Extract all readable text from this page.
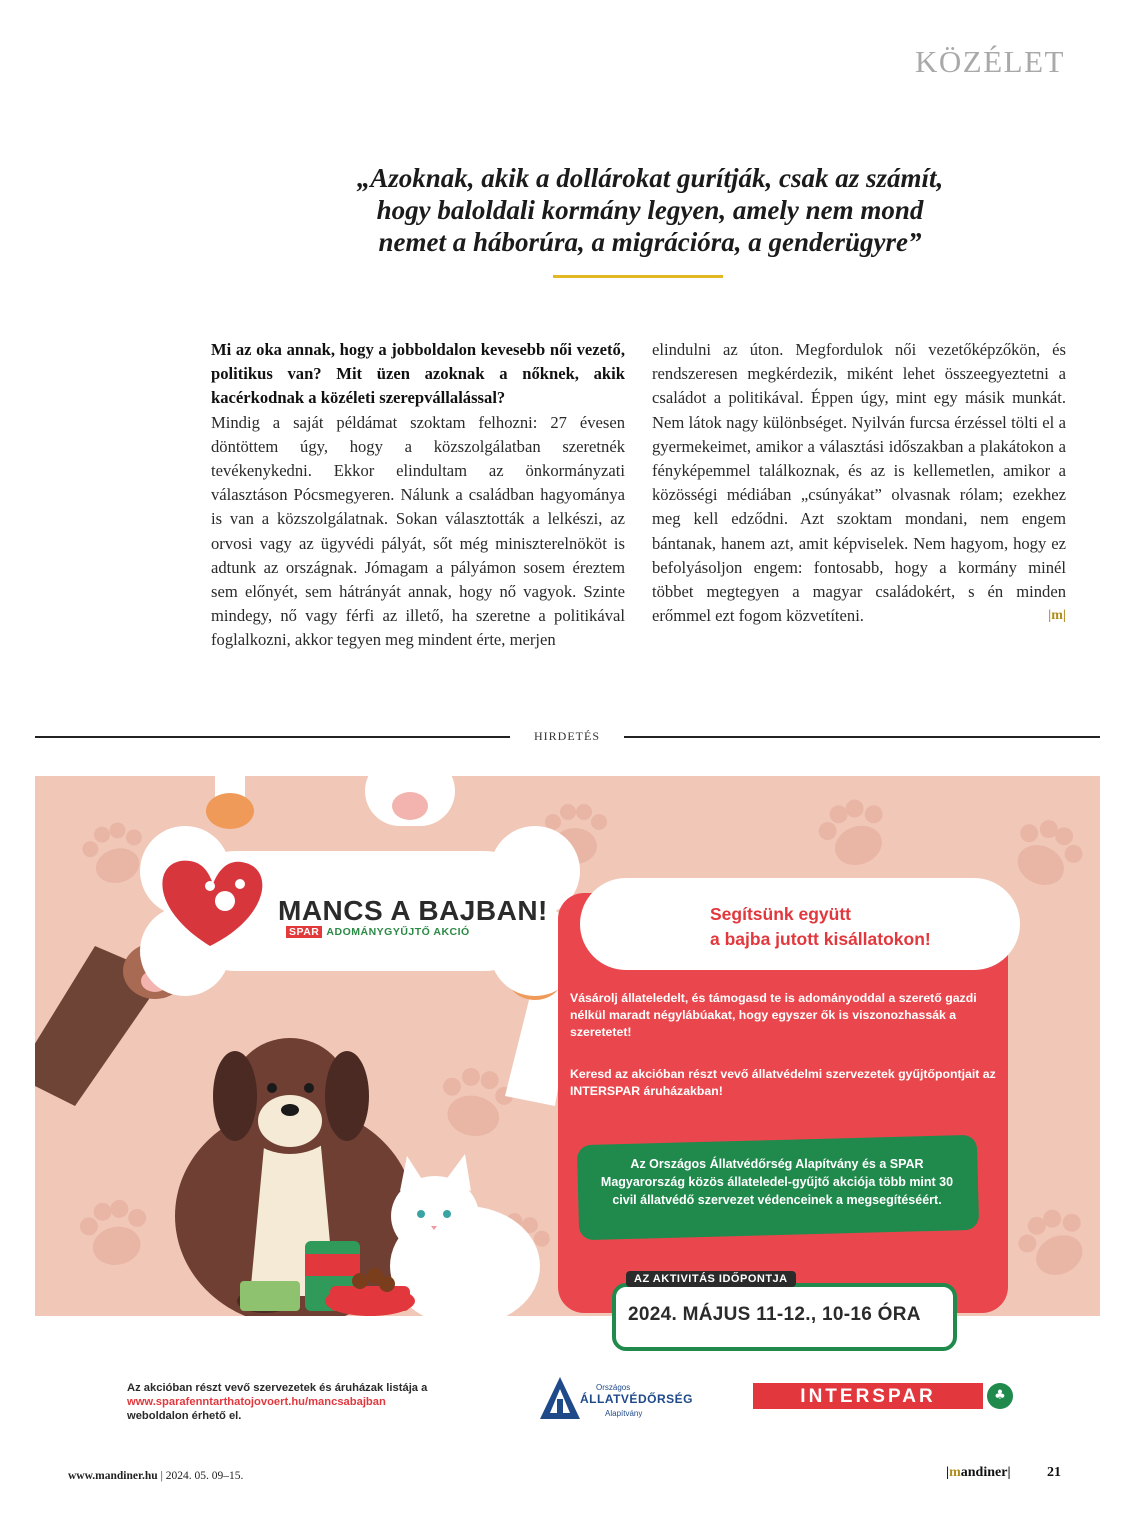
KÖZÉLET
„Azoknak, akik a dollárokat gurítják, csak az számít,
hogy baloldali kormány legyen, amely nem mond
nemet a háborúra, a migrációra, a genderügyre”
Mi az oka annak, hogy a jobboldalon kevesebb női vezető, politikus van? Mit üzen azoknak a nőknek, akik kacérkodnak a közéleti szerepvállalással?
Mindig a saját példámat szoktam felhozni: 27 évesen döntöttem úgy, hogy a közszolgálatban szeretnék tevékenykedni. Ekkor elindultam az önkormányzati választáson Pócsmegyeren. Nálunk a családban hagyománya is van a közszolgálatnak. Sokan választották a lelkészi, az orvosi vagy az ügyvédi pályát, sőt még miniszterelnököt is adtunk az országnak. Jómagam a pályámon sosem éreztem sem előnyét, sem hátrányát annak, hogy nő vagyok. Szinte mindegy, nő vagy férfi az illető, ha szeretne a politikával foglalkozni, akkor tegyen meg mindent érte, merjen
elindulni az úton. Megfordulok női vezetőképzőkön, és rendszeresen megkérdezik, miként lehet összeegyeztetni a családot a politikával. Éppen úgy, mint egy másik munkát. Nem látok nagy különbséget. Nyilván furcsa érzéssel tölti el a gyermekeimet, amikor a választási időszakban a plakátokon a fényképemmel találkoznak, és az is kellemetlen, amikor a közösségi médiában „csúnyákat” olvasnak rólam; ezekhez meg kell edződni. Azt szoktam mondani, nem engem bántanak, hanem azt, amit képviselek. Nem hagyom, hogy ez befolyásoljon engem: fontosabb, hogy a kormány minél többet megtegyen a magyar családokért, s én minden erőmmel ezt fogom közvetíteni.	|m|
HIRDETÉS
MANCS A BAJBAN!
SPAR ADOMÁNYGYŰJTŐ AKCIÓ
Segítsünk együtt
a bajba jutott kisállatokon!
Vásárolj állateledelt, és támogasd te is adományoddal a szerető gazdi nélkül maradt négylábúakat, hogy egyszer ők is viszonozhassák a szeretetet!
Keresd az akcióban részt vevő állatvédelmi szervezetek gyűjtőpontjait az INTERSPAR áruházakban!
Az Országos Állatvédőrség Alapítvány és a SPAR Magyarország közös állateledel-gyűjtő akciója több mint 30 civil állatvédő szervezet védenceinek a megsegítéséért.
AZ AKTIVITÁS IDŐPONTJA
2024. MÁJUS 11-12., 10-16 ÓRA
Az akcióban részt vevő szervezetek és áruházak listája a
www.sparafenntarthatojovoert.hu/mancsabajban
weboldalon érhető el.
Országos
ÁLLATVÉDŐRSÉG
Alapítvány
INTERSPAR	♣
www.mandiner.hu | 2024. 05. 09–15.	|mandiner|	21
